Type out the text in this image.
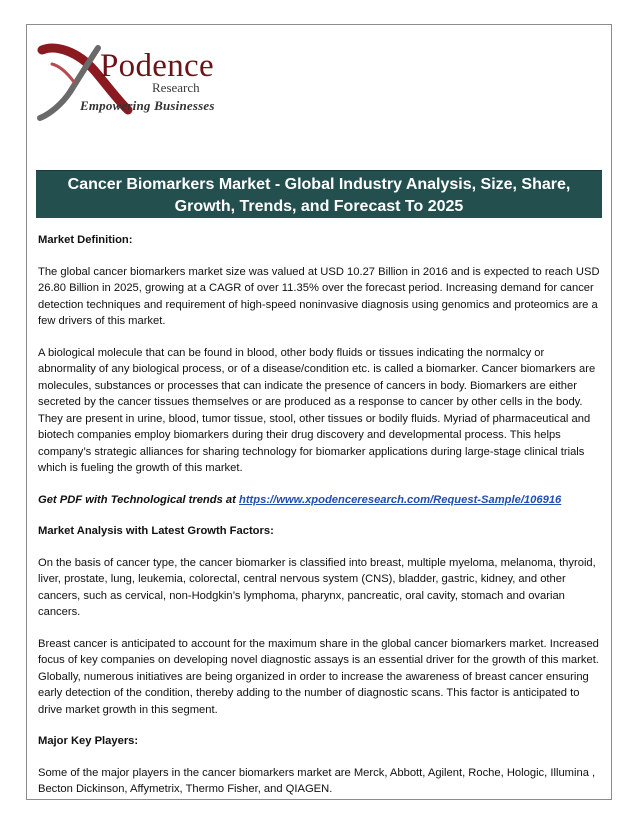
Podence
Research
Empowering Businesses
Cancer Biomarkers Market - Global Industry Analysis, Size, Share,
Growth, Trends, and Forecast To 2025

Market Definition:

The global cancer biomarkers market size was valued at USD 10.27 Billion in 2016 and is expected to reach USD 26.80 Billion in 2025, growing at a CAGR of over 11.35% over the forecast period. Increasing demand for cancer detection techniques and requirement of high-speed noninvasive diagnosis using genomics and proteomics are a few drivers of this market.

A biological molecule that can be found in blood, other body fluids or tissues indicating the normalcy or abnormality of any biological process, or of a disease/condition etc. is called a biomarker. Cancer biomarkers are molecules, substances or processes that can indicate the presence of cancers in body. Biomarkers are either secreted by the cancer tissues themselves or are produced as a response to cancer by other cells in the body. They are present in urine, blood, tumor tissue, stool, other tissues or bodily fluids. Myriad of pharmaceutical and biotech companies employ biomarkers during their drug discovery and developmental process. This helps company’s strategic alliances for sharing technology for biomarker applications during large-stage clinical trials which is fueling the growth of this market.

Get PDF with Technological trends at https://www.xpodenceresearch.com/Request-Sample/106916

Market Analysis with Latest Growth Factors:

On the basis of cancer type, the cancer biomarker is classified into breast, multiple myeloma, melanoma, thyroid, liver, prostate, lung, leukemia, colorectal, central nervous system (CNS), bladder, gastric, kidney, and other cancers, such as cervical, non-Hodgkin’s lymphoma, pharynx, pancreatic, oral cavity, stomach and ovarian cancers.

Breast cancer is anticipated to account for the maximum share in the global cancer biomarkers market. Increased focus of key companies on developing novel diagnostic assays is an essential driver for the growth of this market. Globally, numerous initiatives are being organized in order to increase the awareness of breast cancer ensuring early detection of the condition, thereby adding to the number of diagnostic scans. This factor is anticipated to drive market growth in this segment.

Major Key Players:

Some of the major players in the cancer biomarkers market are Merck, Abbott, Agilent, Roche, Hologic, Illumina , Becton Dickinson, Affymetrix, Thermo Fisher, and QIAGEN.
